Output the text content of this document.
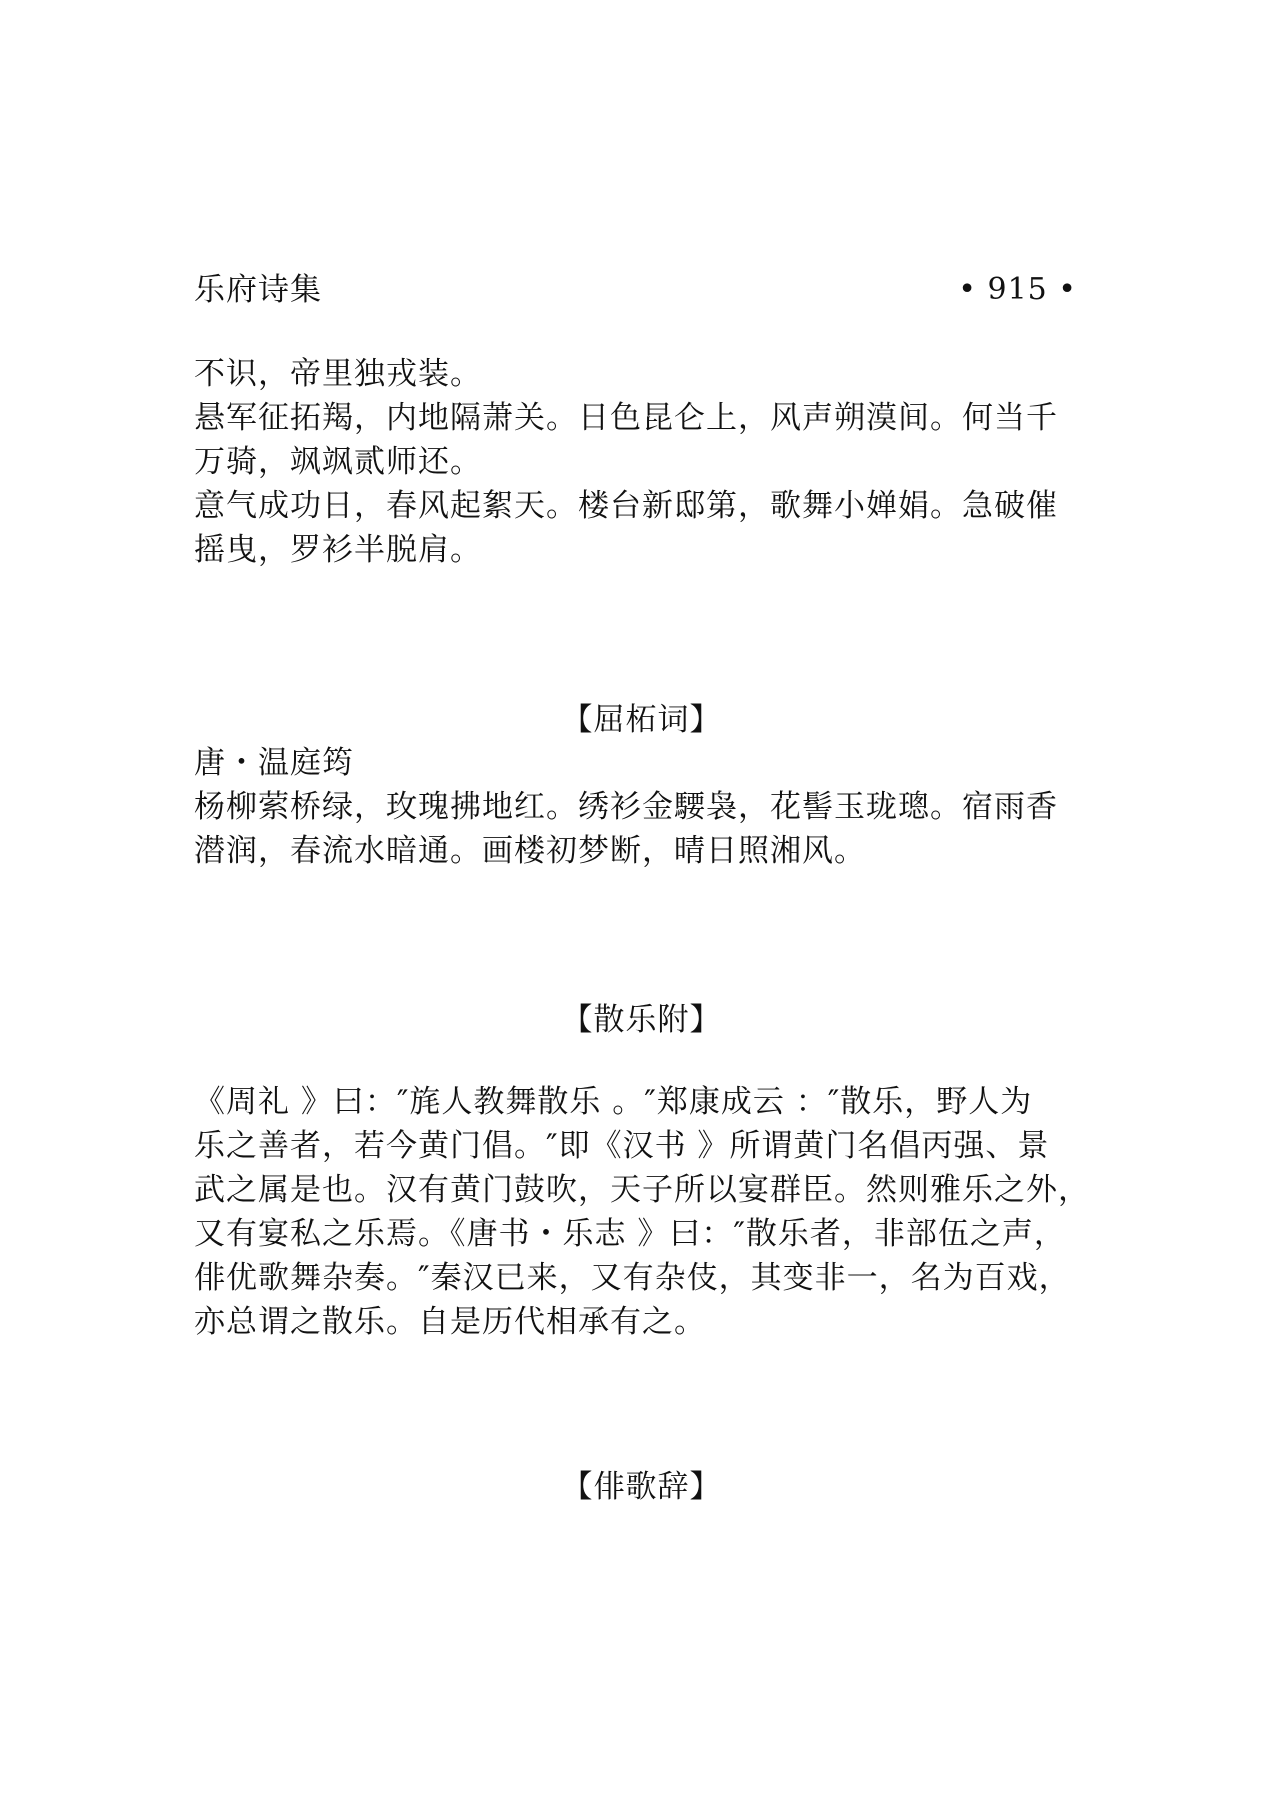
乐府诗集	• 915 •

不识，帝里独戎装。

悬军征拓羯，内地隔萧关。日色昆仑上，风声朔漠间。何当千

万骑，飒飒贰师还。

意气成功日，春风起絮天。楼台新邸第，歌舞小婵娟。急破催

摇曳，罗衫半脱肩。

【屈柘词】

唐・温庭筠

杨柳萦桥绿，玫瑰拂地红。绣衫金騕袅，花髻玉珑璁。宿雨香

潜润，春流水暗通。画楼初梦断，晴日照湘风。

【散乐附】

《周礼 》曰：″旄人教舞散乐 。″郑康成云 ：″散乐，野人为

乐之善者，若今黄门倡。″即《汉书 》所谓黄门名倡丙强、景

武之属是也。汉有黄门鼓吹，天子所以宴群臣。然则雅乐之外，

又有宴私之乐焉。《唐书・乐志 》曰：″散乐者，非部伍之声，

俳优歌舞杂奏。″秦汉已来，又有杂伎，其变非一，名为百戏，

亦总谓之散乐。自是历代相承有之。

【俳歌辞】
